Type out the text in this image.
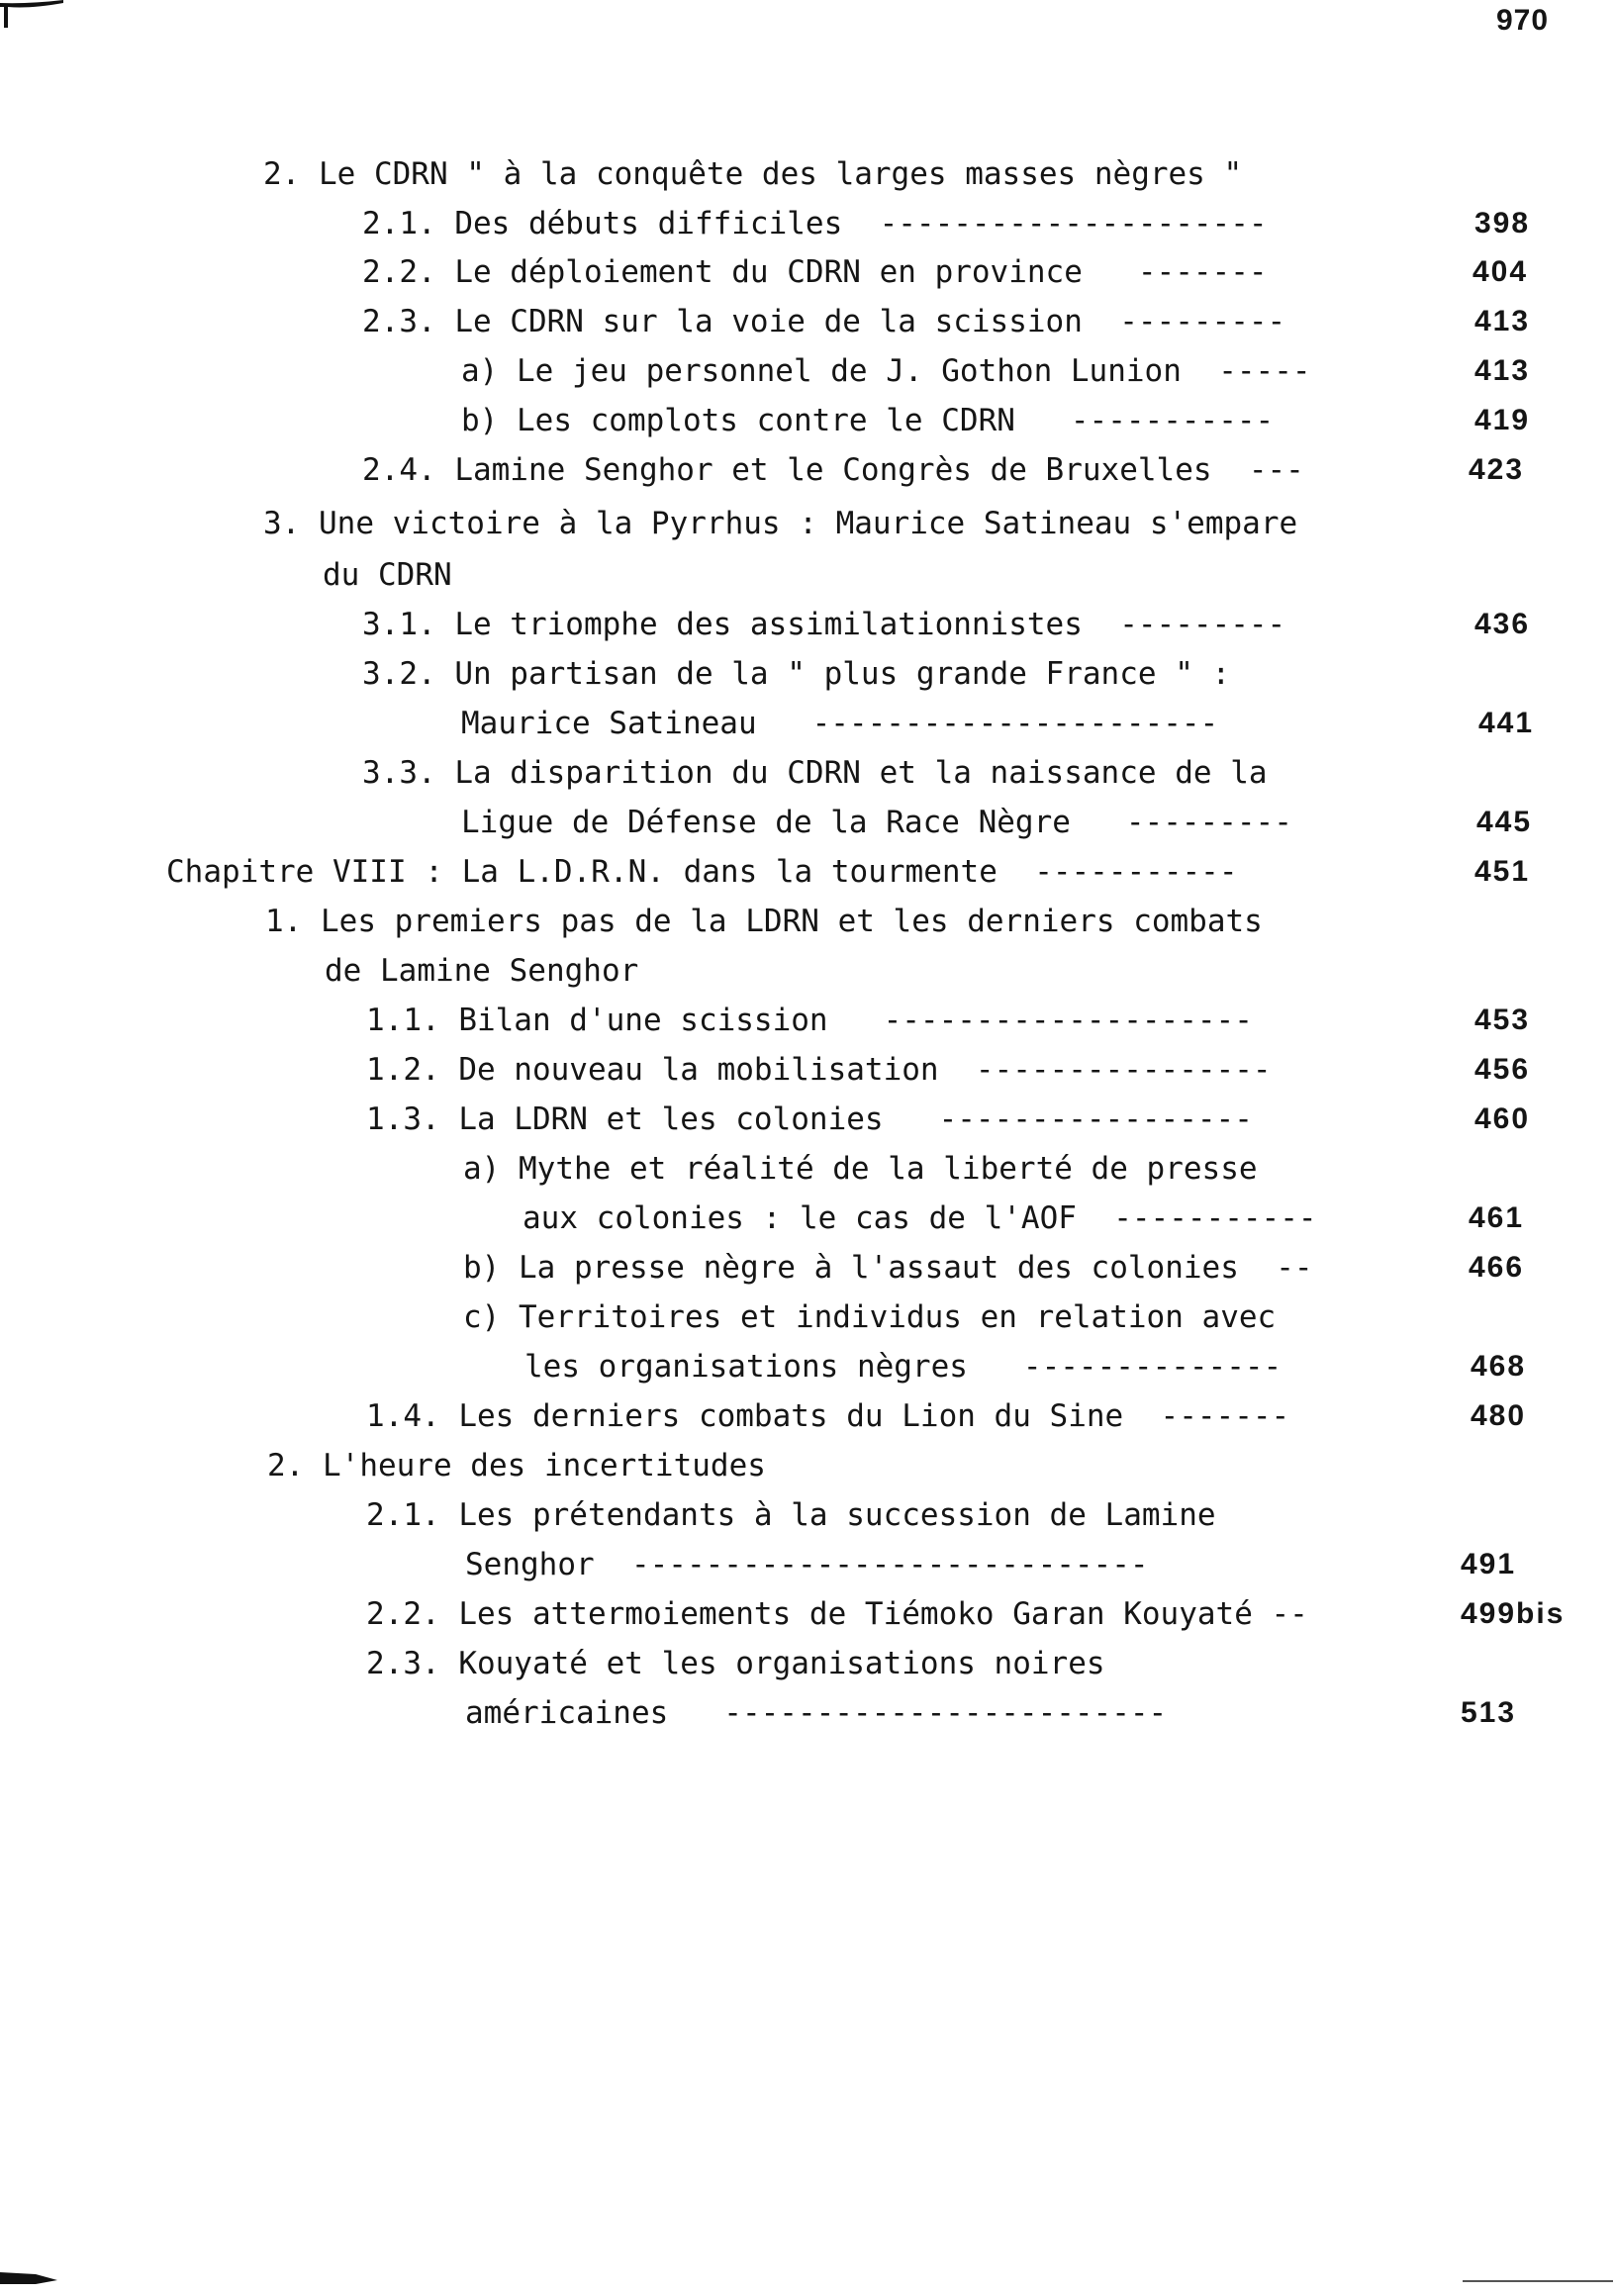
970
2. Le CDRN " à la conquête des larges masses nègres "
2.1. Des débuts difficiles  ---------------------	398
2.2. Le déploiement du CDRN en province   -------	404
2.3. Le CDRN sur la voie de la scission  ---------	413
a) Le jeu personnel de J. Gothon Lunion  -----	413
b) Les complots contre le CDRN   -----------	419
2.4. Lamine Senghor et le Congrès de Bruxelles  ---	423
3. Une victoire à la Pyrrhus : Maurice Satineau s'empare
du CDRN
3.1. Le triomphe des assimilationnistes  ---------	436
3.2. Un partisan de la " plus grande France " :
Maurice Satineau   ----------------------	441
3.3. La disparition du CDRN et la naissance de la
Ligue de Défense de la Race Nègre   ---------	445
Chapitre VIII : La L.D.R.N. dans la tourmente  -----------	451
1. Les premiers pas de la LDRN et les derniers combats
de Lamine Senghor
1.1. Bilan d'une scission   --------------------	453
1.2. De nouveau la mobilisation  ----------------	456
1.3. La LDRN et les colonies   -----------------	460
a) Mythe et réalité de la liberté de presse
aux colonies : le cas de l'AOF  -----------	461
b) La presse nègre à l'assaut des colonies  --	466
c) Territoires et individus en relation avec
les organisations nègres   --------------	468
1.4. Les derniers combats du Lion du Sine  -------	480
2. L'heure des incertitudes
2.1. Les prétendants à la succession de Lamine
Senghor  ----------------------------	491
2.2. Les attermoiements de Tiémoko Garan Kouyaté --	499bis
2.3. Kouyaté et les organisations noires
américaines   ------------------------	513
